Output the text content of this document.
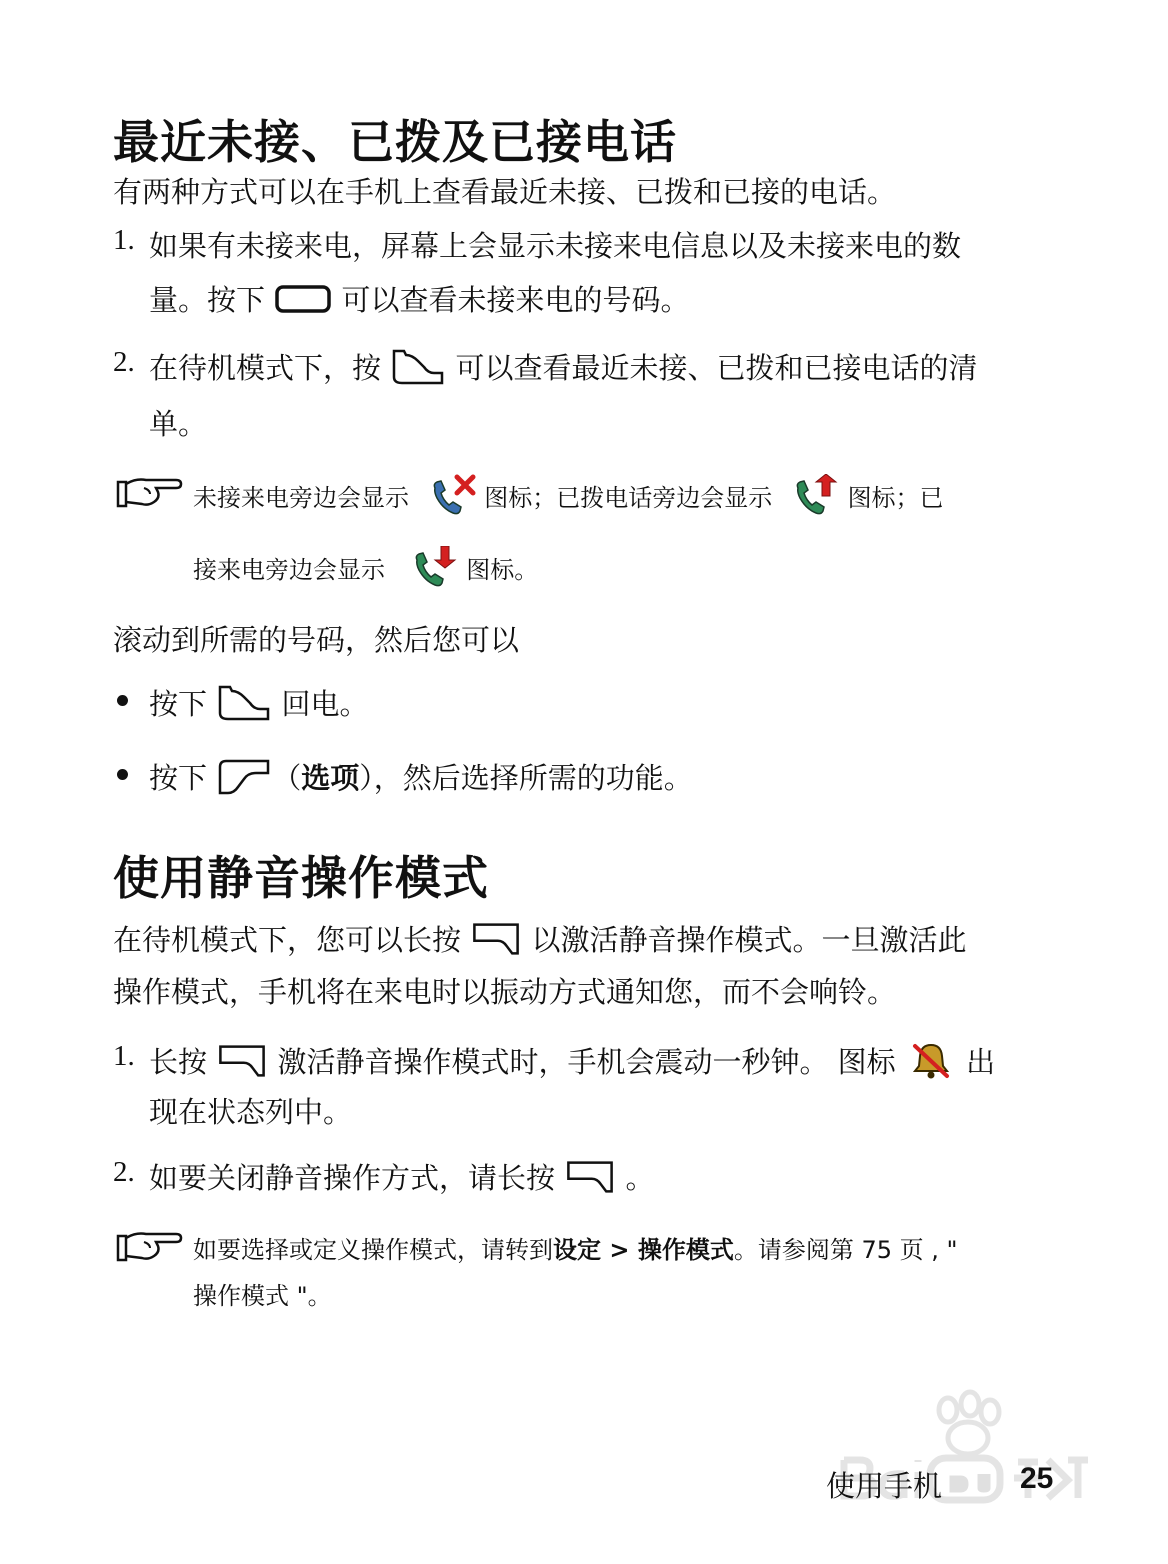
最近未接、已拨及已接电话
有两种方式可以在手机上查看最近未接、已拨和已接的电话。
1. 如果有未接来电，屏幕上会显示未接来电信息以及未接来电的数
量。按下	可以查看未接来电的号码。
2. 在待机模式下，按	可以查看最近未接、已拨和已接电话的清
单。
未接来电旁边会显示	图标；已拨电话旁边会显示	图标；已
接来电旁边会显示	图标。
滚动到所需的号码，然后您可以
按下	回电。
按下 （选项），然后选择所需的功能。
使用静音操作模式
在待机模式下，您可以长按 以激活静音操作模式。一旦激活此
操作模式，手机将在来电时以振动方式通知您，而不会响铃。
1. 长按 激活静音操作模式时，手机会震动一秒钟。 图标 出
现在状态列中。
2. 如要关闭静音操作方式，请长按 。
如要选择或定义操作模式，请转到设定 > 操作模式。请参阅第 75 页 , "
操作模式 "。
使用手机	25
